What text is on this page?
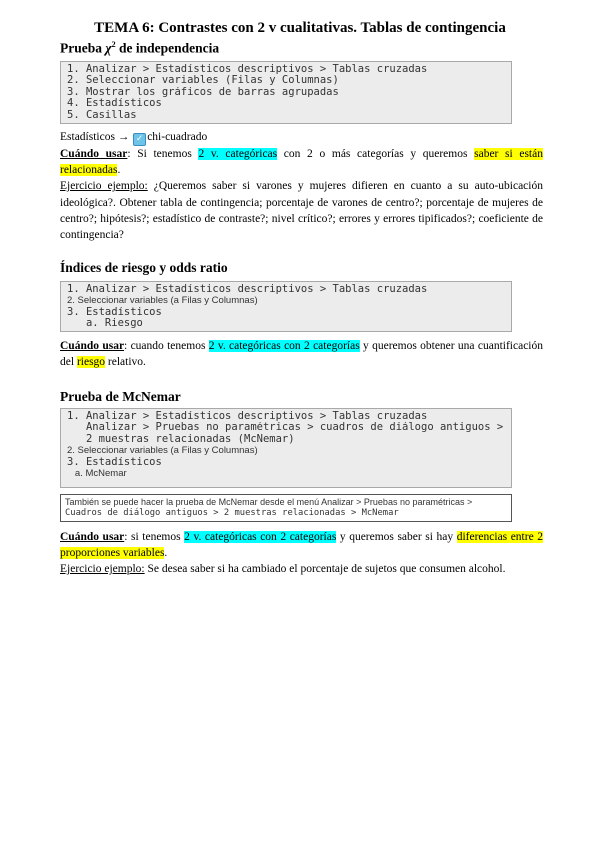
TEMA 6: Contrastes con 2 v cualitativas. Tablas de contingencia
Prueba $\chi^2$ de independencia
1. Analizar > Estadísticos descriptivos > Tablas cruzadas
2. Seleccionar variables (Filas y Columnas)
3. Mostrar los gráficos de barras agrupadas
4. Estadísticos
5. Casillas

Estadísticos → ✓ chi-cuadrado

Cuándo usar: Si tenemos 2 v. categóricas con 2 o más categorías y queremos saber si están relacionadas.

Ejercicio ejemplo: ¿Queremos saber si varones y mujeres difieren en cuanto a su auto-ubicación ideológica?. Obtener tabla de contingencia; porcentaje de varones de centro?; porcentaje de mujeres de centro?; hipótesis?; estadístico de contraste?; nivel crítico?; errores y errores tipificados?; coeficiente de contingencia?

Índices de riesgo y odds ratio
1. Analizar > Estadísticos descriptivos > Tablas cruzadas
2. Seleccionar variables (a Filas y Columnas)
3. Estadísticos
a. Riesgo

Cuándo usar: cuando tenemos 2 v. categóricas con 2 categorías y queremos obtener una cuantificación del riesgo relativo.

Prueba de McNemar
1. Analizar > Estadísticos descriptivos > Tablas cruzadas
Analizar > Pruebas no paramétricas > cuadros de diálogo antiguos >
2 muestras relacionadas (McNemar)
2. Seleccionar variables (a Filas y Columnas)
3. Estadísticos
a. McNemar
También se puede hacer la prueba de McNemar desde el menú Analizar > Pruebas no paramétricas >
Cuadros de diálogo antiguos > 2 muestras relacionadas > McNemar

Cuándo usar: si tenemos 2 v. categóricas con 2 categorías y queremos saber si hay diferencias entre 2 proporciones variables.

Ejercicio ejemplo: Se desea saber si ha cambiado el porcentaje de sujetos que consumen alcohol.
